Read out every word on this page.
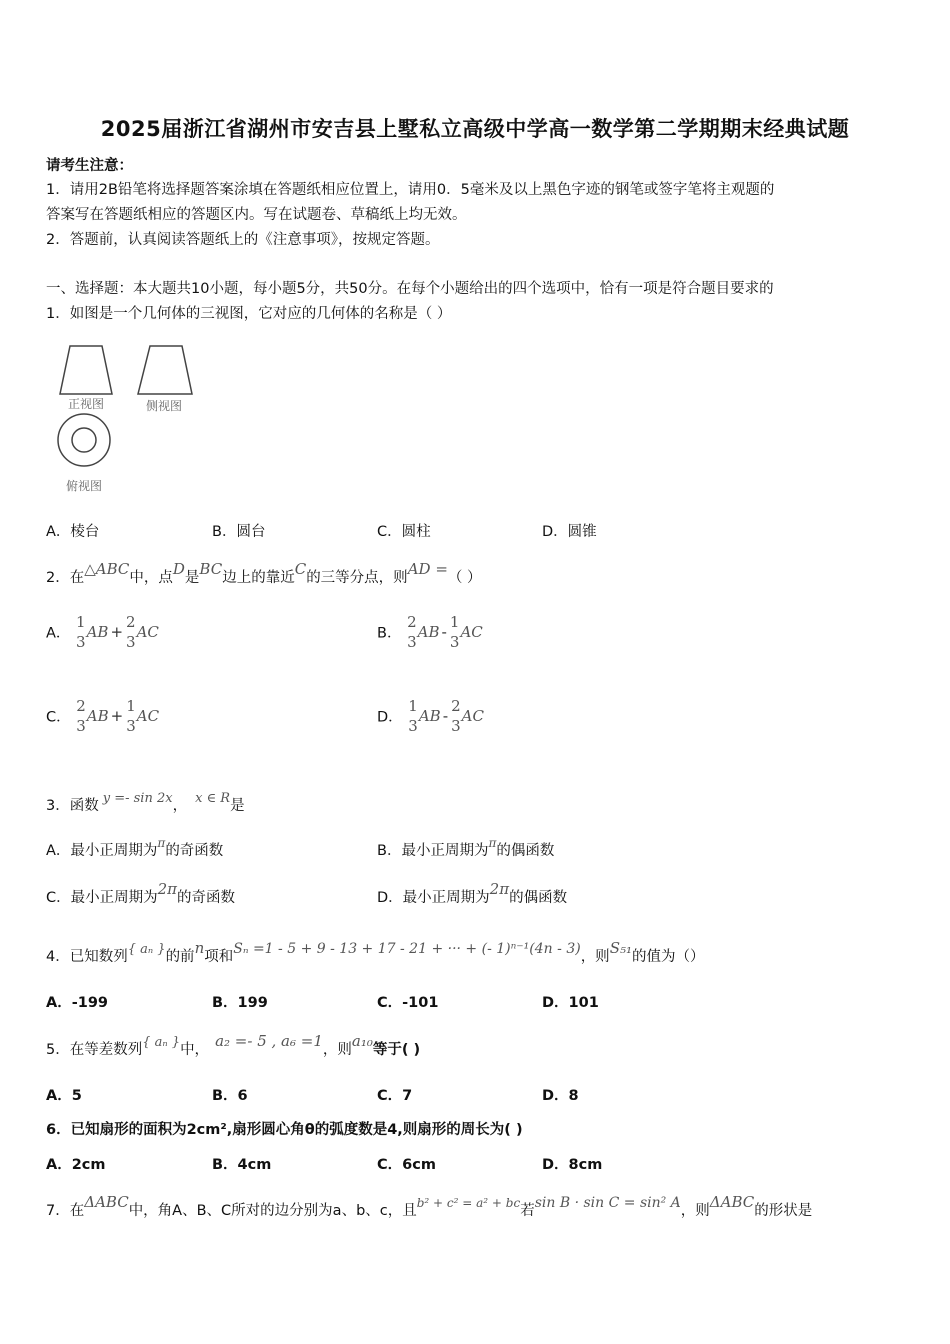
2025届浙江省湖州市安吉县上墅私立高级中学高一数学第二学期期末经典试题
请考生注意：
1．请用2B铅笔将选择题答案涂填在答题纸相应位置上，请用0．5毫米及以上黑色字迹的钢笔或签字笔将主观题的
答案写在答题纸相应的答题区内。写在试题卷、草稿纸上均无效。
2．答题前，认真阅读答题纸上的《注意事项》，按规定答题。
一、选择题：本大题共10小题，每小题5分，共50分。在每个小题给出的四个选项中，恰有一项是符合题目要求的
1．如图是一个几何体的三视图，它对应的几何体的名称是（ ）
正视图	侧视图
俯视图
A．棱台	B．圆台	C．圆柱	D．圆锥
2．在△ABC中，点D是BC边上的靠近C的三等分点，则AD =（ ）
A．
1
3
AB +
2
3
AC	B．
2
3
AB -
1
3
AC
C．
2
3
AB +
1
3
AC	D．
1
3
AB -
2
3
AC
3．函数 y =- sin 2x， x ∈ R是
A．最小正周期为$^\pi$的奇函数	B．最小正周期为$^\pi$的偶函数
C．最小正周期为2π的奇函数	D．最小正周期为2π的偶函数
4．已知数列{ aₙ }的前n项和Sₙ =1 - 5 + 9 - 13 + 17 - 21 + ··· + (- 1)ⁿ⁻¹(4n - 3)，则S₅₁的值为（）
A．-199	B．199	C．-101	D．101
5．在等差数列{ aₙ }中， a₂ =- 5 , a₆ =1，则a₁₀等于( )
A．5	B．6	C．7	D．8
6．已知扇形的面积为2cm²,扇形圆心角θ的弧度数是4,则扇形的周长为( )
A．2cm	B．4cm	C．6cm	D．8cm
7．在ΔABC中，角A、B、C所对的边分别为a、b、c，且$^{b^2 + c^2 = a^2 + bc}$若sin B · sin C = sin² A，则ΔABC的形状是
